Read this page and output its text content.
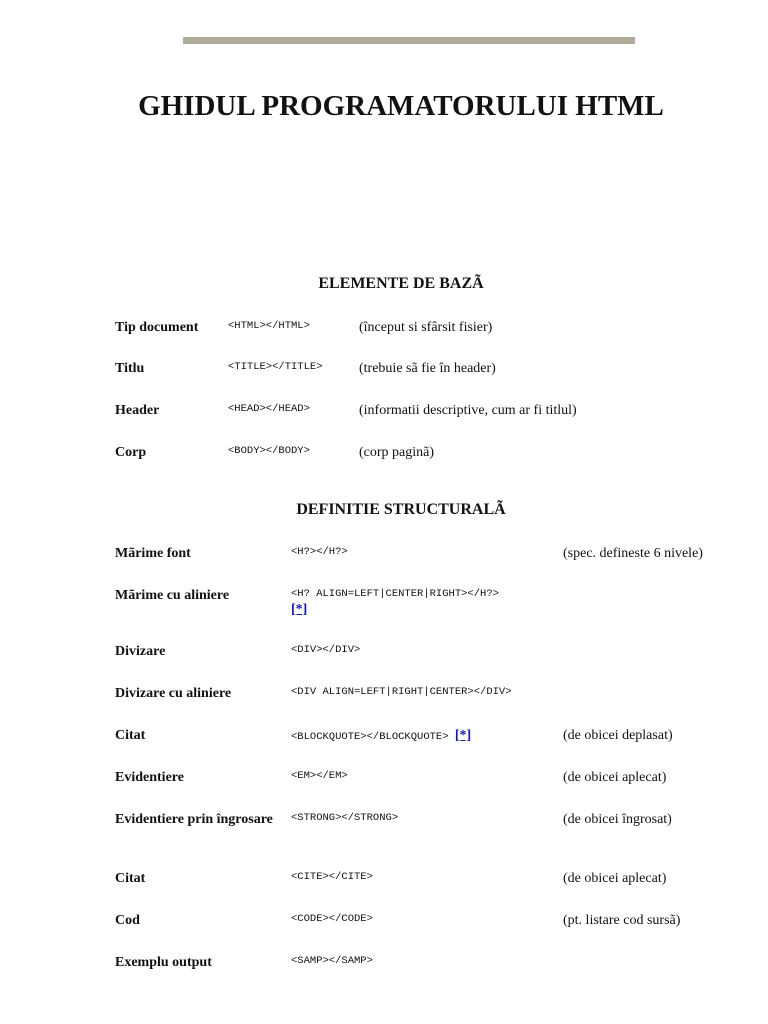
GHIDUL PROGRAMATORULUI HTML
ELEMENTE DE BAZÃ
Tip document	<HTML></HTML>	(început si sfârsit fisier)
Titlu	<TITLE></TITLE>	(trebuie sã fie în header)
Header	<HEAD></HEAD>	(informatii descriptive, cum ar fi titlul)
Corp	<BODY></BODY>	(corp paginã)
DEFINITIE STRUCTURALÃ
Mãrime font	<H?></H?>	(spec. defineste 6 nivele)
Mãrime cu aliniere	<H? ALIGN=LEFT|CENTER|RIGHT></H?>
[*]
Divizare	<DIV></DIV>
Divizare cu aliniere	<DIV ALIGN=LEFT|RIGHT|CENTER></DIV>
Citat	<BLOCKQUOTE></BLOCKQUOTE> [*]	(de obicei deplasat)
Evidentiere	<EM></EM>	(de obicei aplecat)
Evidentiere prin îngrosare <STRONG></STRONG>	(de obicei îngrosat)
Citat	<CITE></CITE>	(de obicei aplecat)
Cod	<CODE></CODE>	(pt. listare cod sursã)
Exemplu output	<SAMP></SAMP>
